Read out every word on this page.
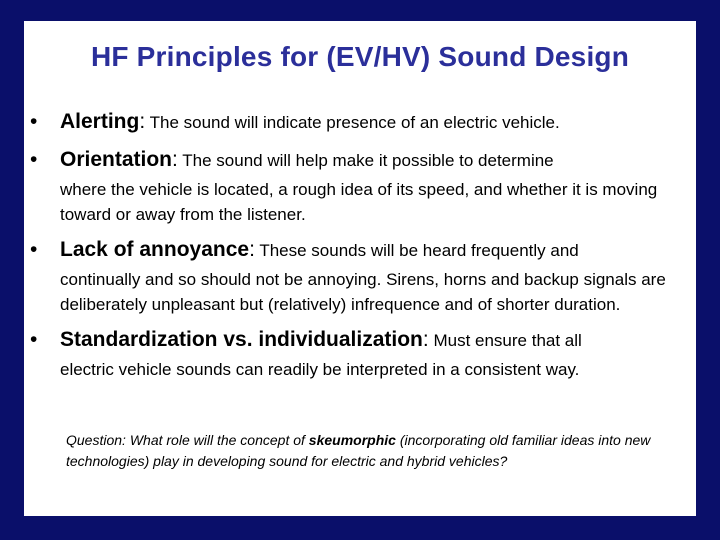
HF Principles for (EV/HV) Sound Design
• Alerting: The sound will indicate presence of an electric vehicle.
• Orientation: The sound will help make it possible to determine
where the vehicle is located, a rough idea of its speed, and whether it is moving toward or away from the listener.
• Lack of annoyance: These sounds will be heard frequently and
continually and so should not be annoying. Sirens, horns and backup signals are deliberately unpleasant but (relatively) infrequence and of shorter duration.
• Standardization vs. individualization: Must ensure that all
electric vehicle sounds can readily be interpreted in a consistent way.
Question: What role will the concept of skeumorphic (incorporating old familiar ideas into new technologies) play in developing sound for electric and hybrid vehicles?
